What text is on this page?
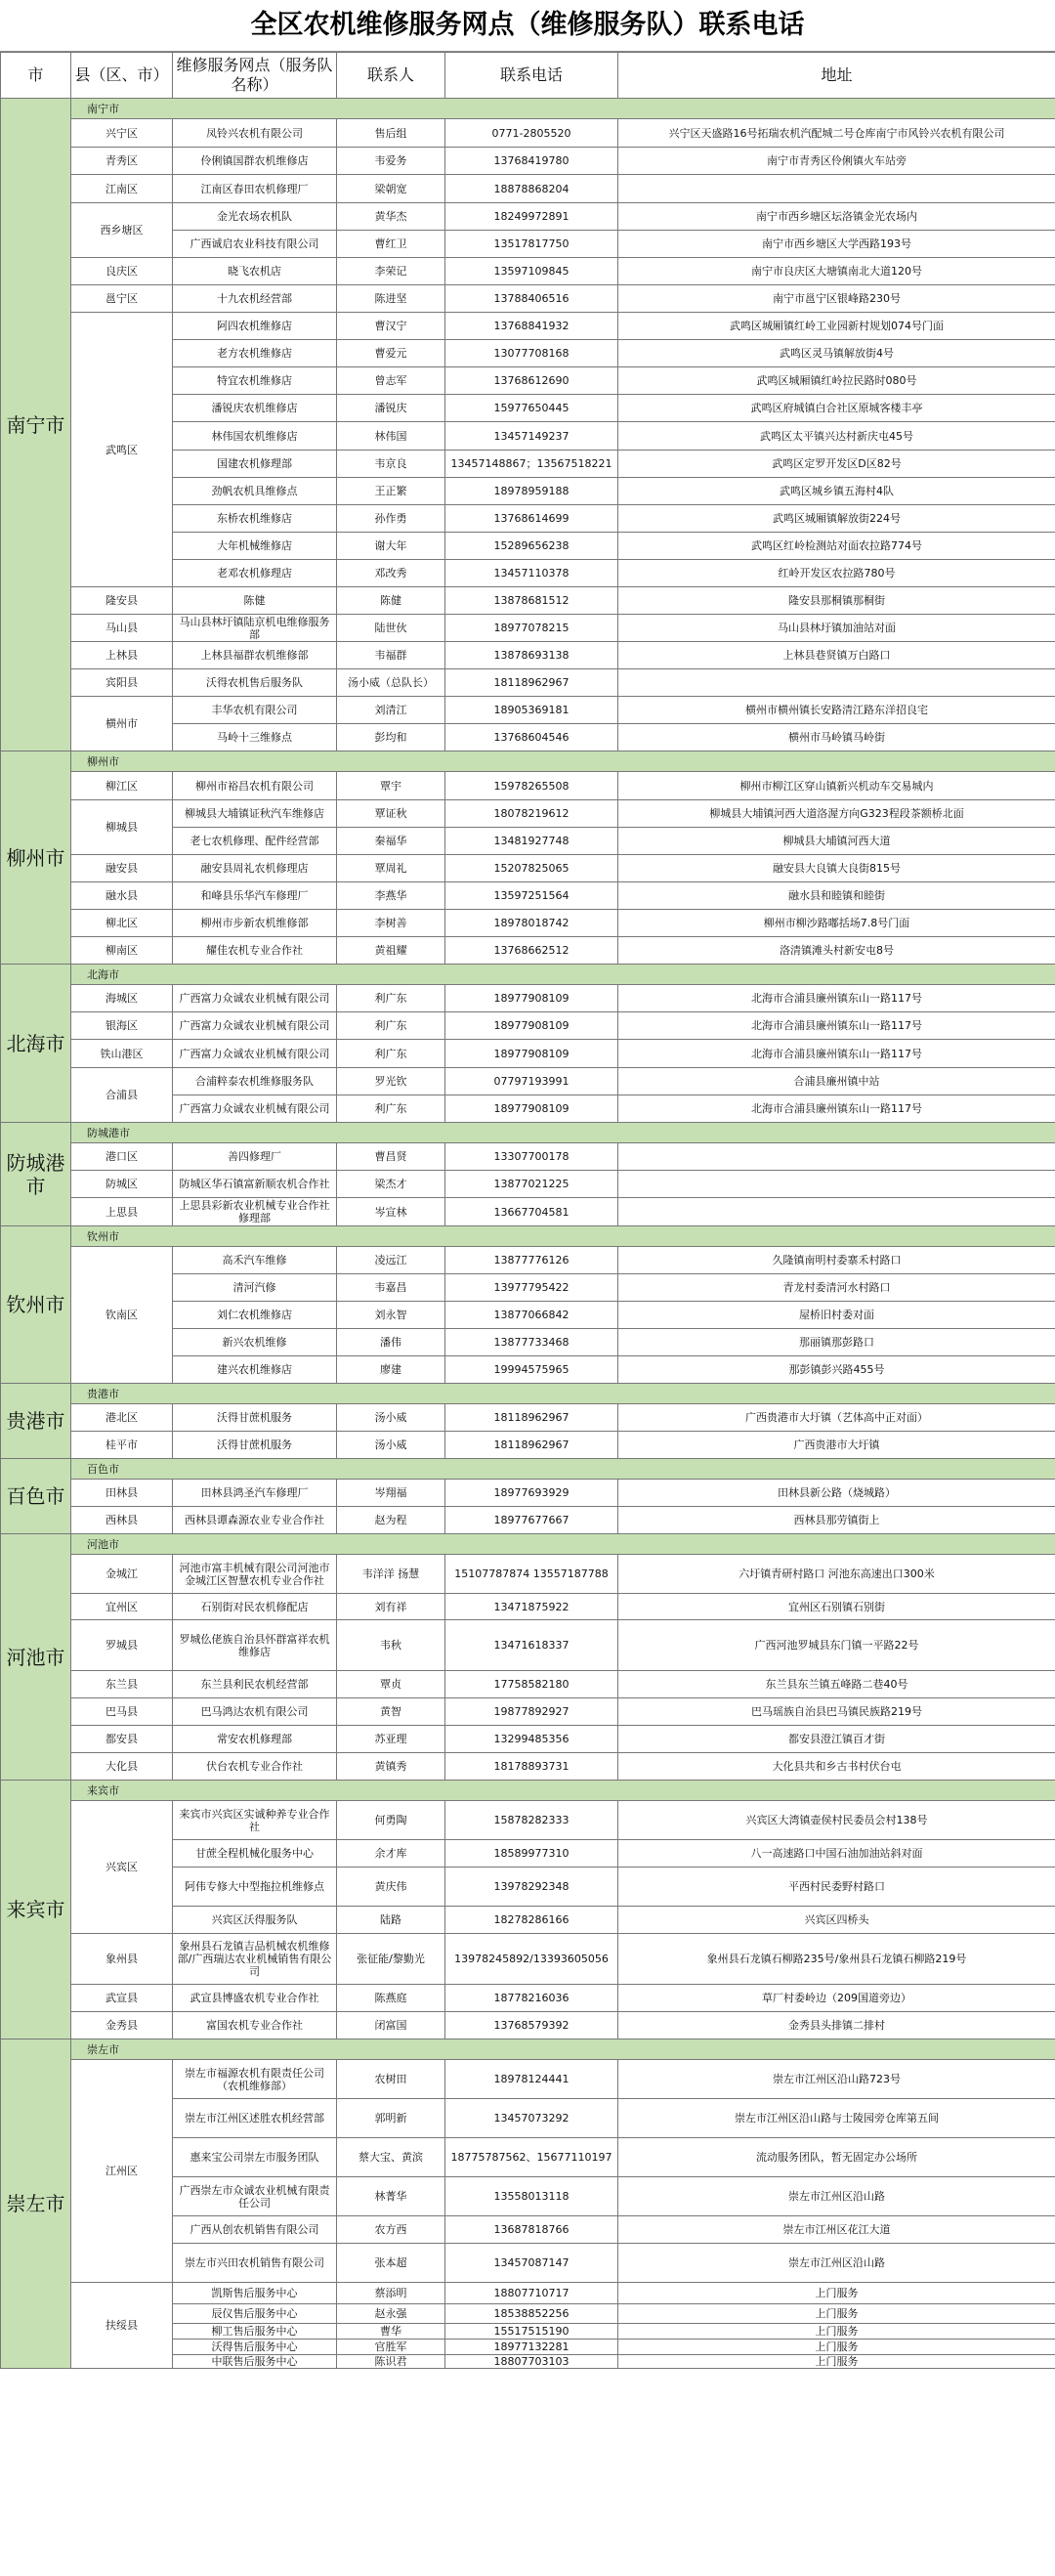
全区农机维修服务网点（维修服务队）联系电话
市	县（区、市）	维修服务网点（服务队名称）	联系人	联系电话	地址
南宁市	南宁市				
	兴宁区	凤铃兴农机有限公司	售后组	0771-2805520	兴宁区天盛路16号拓瑞农机汽配城二号仓库南宁市风铃兴农机有限公司
	青秀区	伶俐镇国群农机维修店	韦爱务	13768419780	南宁市青秀区伶俐镇火车站旁
	江南区	江南区春田农机修理厂	梁朝宽	18878868204	
	西乡塘区	金光农场农机队	黄华杰	18249972891	南宁市西乡塘区坛洛镇金光农场内
		广西诚启农业科技有限公司	曹红卫	13517817750	南宁市西乡塘区大学西路193号
	良庆区	晓飞农机店	李荣记	13597109845	南宁市良庆区大塘镇南北大道120号
	邕宁区	十九农机经营部	陈进坚	13788406516	南宁市邕宁区银峰路230号
	武鸣区	阿四农机维修店	曹汉宁	13768841932	武鸣区城厢镇红岭工业园新村规划074号门面
		老方农机维修店	曹爱元	13077708168	武鸣区灵马镇解放街4号
		特宜农机维修店	曾志军	13768612690	武鸣区城厢镇红岭拉民路时080号
		潘锐庆农机维修店	潘锐庆	15977650445	武鸣区府城镇白合社区原城客楼丰亭
		林伟国农机维修店	林伟国	13457149237	武鸣区太平镇兴达村新庆屯45号
		国建农机修理部	韦京良	13457148867；13567518221	武鸣区定罗开发区D区82号
		劲帆农机具维修点	王正繁	18978959188	武鸣区城乡镇五海村4队
		东桥农机维修店	孙作勇	13768614699	武鸣区城厢镇解放街224号
		大年机械维修店	谢大年	15289656238	武鸣区红岭检测站对面农拉路774号
		老邓农机修理店	邓改秀	13457110378	红岭开发区农拉路780号
	隆安县	陈健	陈健	13878681512	隆安县那桐镇那桐街
	马山县	马山县林圩镇陆京机电维修服务部	陆世伙	18977078215	马山县林圩镇加油站对面
	上林县	上林县福群农机维修部	韦福群	13878693138	上林县巷贤镇万白路口
	宾阳县	沃得农机售后服务队	汤小威（总队长）	18118962967	
	横州市	丰华农机有限公司	刘清江	18905369181	横州市横州镇长安路清江路东洋招良宅
		马岭十三维修点	彭均和	13768604546	横州市马岭镇马岭街
柳州市	柳州市				
	柳江区	柳州市裕昌农机有限公司	覃宇	15978265508	柳州市柳江区穿山镇新兴机动车交易城内
	柳城县	柳城县大埔镇证秋汽车维修店	覃证秋	18078219612	柳城县大埔镇河西大道洛渥方向G323程段茶额桥北面
		老七农机修理、配件经营部	秦福华	13481927748	柳城县大埔镇河西大道
	融安县	融安县周礼农机修理店	覃周礼	15207825065	融安县大良镇大良街815号
	融水县	和峰县乐华汽车修理厂	李燕华	13597251564	融水县和睦镇和睦街
	柳北区	柳州市步新农机维修部	李树善	18978018742	柳州市柳沙路嘟括场7.8号门面
	柳南区	耀佳农机专业合作社	黄祖耀	13768662512	洛清镇滩头村新安屯8号
北海市	北海市				
	海城区	广西富力众诚农业机械有限公司	利广东	18977908109	北海市合浦县廉州镇东山一路117号
	银海区	广西富力众诚农业机械有限公司	利广东	18977908109	北海市合浦县廉州镇东山一路117号
	铁山港区	广西富力众诚农业机械有限公司	利广东	18977908109	北海市合浦县廉州镇东山一路117号
	合浦县	合浦粹泰农机维修服务队	罗光钦	07797193991	合浦县廉州镇中站
		广西富力众诚农业机械有限公司	利广东	18977908109	北海市合浦县廉州镇东山一路117号
防城港市	防城港市				
	港口区	善四修理厂	曹昌贤	13307700178	
	防城区	防城区华石镇富新顺农机合作社	梁杰才	13877021225	
	上思县	上思县彩新农业机械专业合作社修理部	岑宣林	13667704581	
钦州市	钦州市				
	钦南区	高禾汽车维修	凌远江	13877776126	久隆镇南明村委寨禾村路口
		清河汽修	韦嘉昌	13977795422	青龙村委清河水村路口
		刘仁农机维修店	刘永智	13877066842	屋桥旧村委对面
		新兴农机维修	潘伟	13877733468	那丽镇那彭路口
		建兴农机维修店	廖建	19994575965	那彭镇彭兴路455号
贵港市	贵港市				
	港北区	沃得甘蔗机服务	汤小威	18118962967	广西贵港市大圩镇（艺体高中正对面）
	桂平市	沃得甘蔗机服务	汤小威	18118962967	广西贵港市大圩镇
百色市	百色市				
	田林县	田林县鸿圣汽车修理厂	岑翔福	18977693929	田林县新公路（烧城路）
	西林县	西林县谭森源农业专业合作社	赵为程	18977677667	西林县那劳镇街上
河池市	河池市				
	金城江	河池市富丰机械有限公司河池市金城江区智慧农机专业合作社	韦洋洋 扬慧	15107787874 13557187788	六圩镇青研村路口 河池东高速出口300米
	宜州区	石别街对民农机修配店	刘有祥	13471875922	宜州区石别镇石别街
	罗城县	罗城仫佬族自治县怀群富祥农机维修店	韦秋	13471618337	广西河池罗城县东门镇一平路22号
	东兰县	东兰县利民农机经营部	覃贞	17758582180	东兰县东兰镇五峰路二巷40号
	巴马县	巴马鸿达农机有限公司	黄智	19877892927	巴马瑶族自治县巴马镇民族路219号
	都安县	常安农机修理部	苏亚理	13299485356	都安县澄江镇百才街
	大化县	伏台农机专业合作社	黄镇秀	18178893731	大化县共和乡古书村伏台屯
来宾市	来宾市				
	兴宾区	来宾市兴宾区实诚种养专业合作社	何勇陶	15878282333	兴宾区大湾镇壶侯村民委员会村138号
		甘蔗全程机械化服务中心	余才库	18589977310	八一高速路口中国石油加油站斜对面
		阿伟专修大中型拖拉机维修点	黄庆伟	13978292348	平西村民委野村路口
		兴宾区沃得服务队	陆路	18278286166	兴宾区四桥头
	象州县	象州县石龙镇吉品机械农机维修部/广西瑞达农业机械销售有限公司	张征能/黎勤光	13978245892/13393605056	象州县石龙镇石柳路235号/象州县石龙镇石柳路219号
	武宣县	武宣县博盛农机专业合作社	陈燕庭	18778216036	草厂村委岭边（209国道旁边）
	金秀县	富国农机专业合作社	闭富国	13768579392	金秀县头排镇二排村
崇左市	崇左市				
	江州区	崇左市福源农机有限责任公司（农机维修部）	农树田	18978124441	崇左市江州区沿山路723号
		崇左市江州区述胜农机经营部	郭明新	13457073292	崇左市江州区沿山路与士陵园旁仓库第五间
		惠来宝公司崇左市服务团队	蔡大宝、黄滨	18775787562、15677110197	流动服务团队，暂无固定办公场所
		广西崇左市众诚农业机械有限责任公司	林菁华	13558013118	崇左市江州区沿山路
		广西从创农机销售有限公司	农方西	13687818766	崇左市江州区花江大道
		崇左市兴田农机销售有限公司	张本超	13457087147	崇左市江州区沿山路
	扶绥县	凯斯售后服务中心	蔡添明	18807710717	上门服务
		辰仪售后服务中心	赵永强	18538852256	上门服务
		柳工售后服务中心	曹华	15517515190	上门服务
		沃得售后服务中心	官胜军	18977132281	上门服务
		中联售后服务中心	陈识君	18807703103	上门服务
